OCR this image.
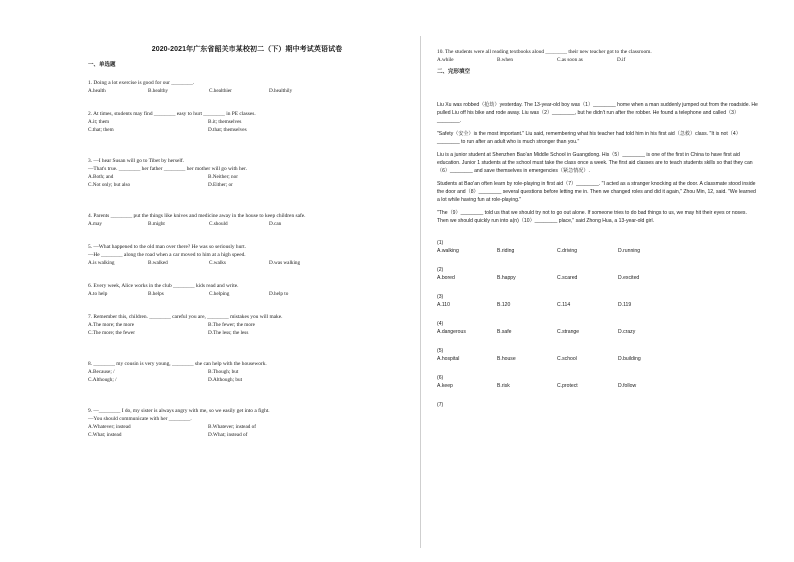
2020-2021年广东省韶关市某校初二（下）期中考试英语试卷
一、单选题
1. Doing a lot exercise is good for our ________.
A.health	B.healthy	C.healthier	D.healthily
2. At times, students may find ________ easy to hurt ________ in PE classes.
A.it; them	B.it; themselves
C.that; them	D.that; themselves
3. —I hear Susan will go to Tibet by herself.
—That's true. ________ her father ________ her mother will go with her.
A.Both; and	B.Neither; nor
C.Not only; but also	D.Either; or
4. Parents ________ put the things like knives and medicine away in the house to keep children safe.
A.may	B.might	C.should	D.can
5. —What happened to the old man over there? He was so seriously hurt.
—He ________ along the road when a car moved to him at a high speed.
A.is walking	B.walked	C.walks	D.was walking
6. Every week, Alice works in the club ________ kids read and write.
A.to help	B.helps	C.helping	D.help to
7. Remember this, children. ________ careful you are, ________ mistakes you will make.
A.The more; the more	B.The fewer; the more
C.The more; the fewer	D.The less; the less
8. ________ my cousin is very young, ________ she can help with the housework.
A.Because; /	B.Though; but
C.Although; /	D.Although; but
9. —________ I do, my sister is always angry with me, so we easily get into a fight.
—You should communicate with her ________.
A.Whatever; instead	B.Whatever; instead of
C.What; instead	D.What; instead of
10. The students were all reading textbooks aloud ________ their new teacher got to the classroom.
A.while	B.when	C.as soon as	D.if
二、完形填空

Liu Xu was robbed（抢劫）yesterday. The 13-year-old boy was（1）________ home when a man suddenly jumped out from the roadside. He pulled Liu off his bike and rode away. Liu was（2）________, but he didn't run after the robber. He found a telephone and called（3）________.

"Safety（安全）is the most important." Liu said, remembering what his teacher had told him in his first aid（急救）class. "It is not（4）________ to run after an adult who is much stronger than you."

Liu is a junior student at Shenzhen Bao'an Middle School in Guangdong. His（5）________ is one of the first in China to have first aid education. Junior 1 students at the school must take the class once a week. The first aid classes are to teach students skills so that they can（6）________ and save themselves in emergencies（紧急情况）.

Students at Bao'an often learn by role-playing in first aid（7）________. "I acted as a stranger knocking at the door. A classmate stood inside the door and（8）________ several questions before letting me in. Then we changed roles and did it again," Zhou Min, 12, said. "We learned a lot while having fun at role-playing."

"The（9）________ told us that we should try not to go out alone. If someone tries to do bad things to us, we may hit their eyes or noses. Then we should quickly run into a(n)（10）________ place," said Zhong Hua, a 13-year-old girl.

(1)

A.walking	B.riding	C.driving	D.running

(2)

A.bored	B.happy	C.scared	D.excited

(3)

A.110	B.120	C.114	D.119

(4)

A.dangerous	B.safe	C.strange	D.crazy

(5)

A.hospital	B.house	C.school	D.building

(6)

A.keep	B.risk	C.protect	D.follow

(7)
